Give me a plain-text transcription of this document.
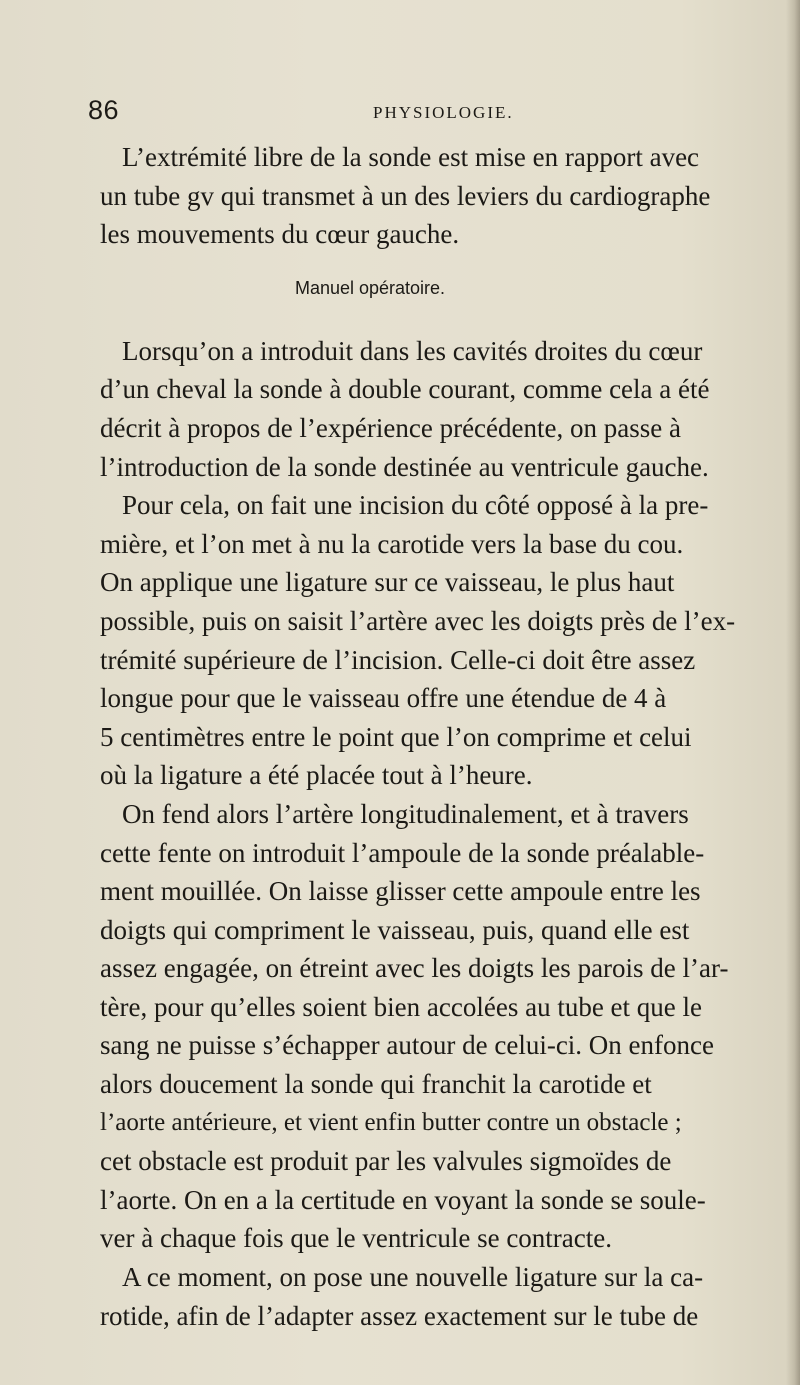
86	PHYSIOLOGIE.
L’extrémité libre de la sonde est mise en rapport avec
un tube gv qui transmet à un des leviers du cardiographe
les mouvements du cœur gauche.
Manuel opératoire.
Lorsqu’on a introduit dans les cavités droites du cœur
d’un cheval la sonde à double courant, comme cela a été
décrit à propos de l’expérience précédente, on passe à
l’introduction de la sonde destinée au ventricule gauche.
Pour cela, on fait une incision du côté opposé à la pre-
mière, et l’on met à nu la carotide vers la base du cou.
On applique une ligature sur ce vaisseau, le plus haut
possible, puis on saisit l’artère avec les doigts près de l’ex-
trémité supérieure de l’incision. Celle-ci doit être assez
longue pour que le vaisseau offre une étendue de 4 à
5 centimètres entre le point que l’on comprime et celui
où la ligature a été placée tout à l’heure.
On fend alors l’artère longitudinalement, et à travers
cette fente on introduit l’ampoule de la sonde préalable-
ment mouillée. On laisse glisser cette ampoule entre les
doigts qui compriment le vaisseau, puis, quand elle est
assez engagée, on étreint avec les doigts les parois de l’ar-
tère, pour qu’elles soient bien accolées au tube et que le
sang ne puisse s’échapper autour de celui-ci. On enfonce
alors doucement la sonde qui franchit la carotide et
l’aorte antérieure, et vient enfin butter contre un obstacle ;
cet obstacle est produit par les valvules sigmoïdes de
l’aorte. On en a la certitude en voyant la sonde se soule-
ver à chaque fois que le ventricule se contracte.
A ce moment, on pose une nouvelle ligature sur la ca-
rotide, afin de l’adapter assez exactement sur le tube de
